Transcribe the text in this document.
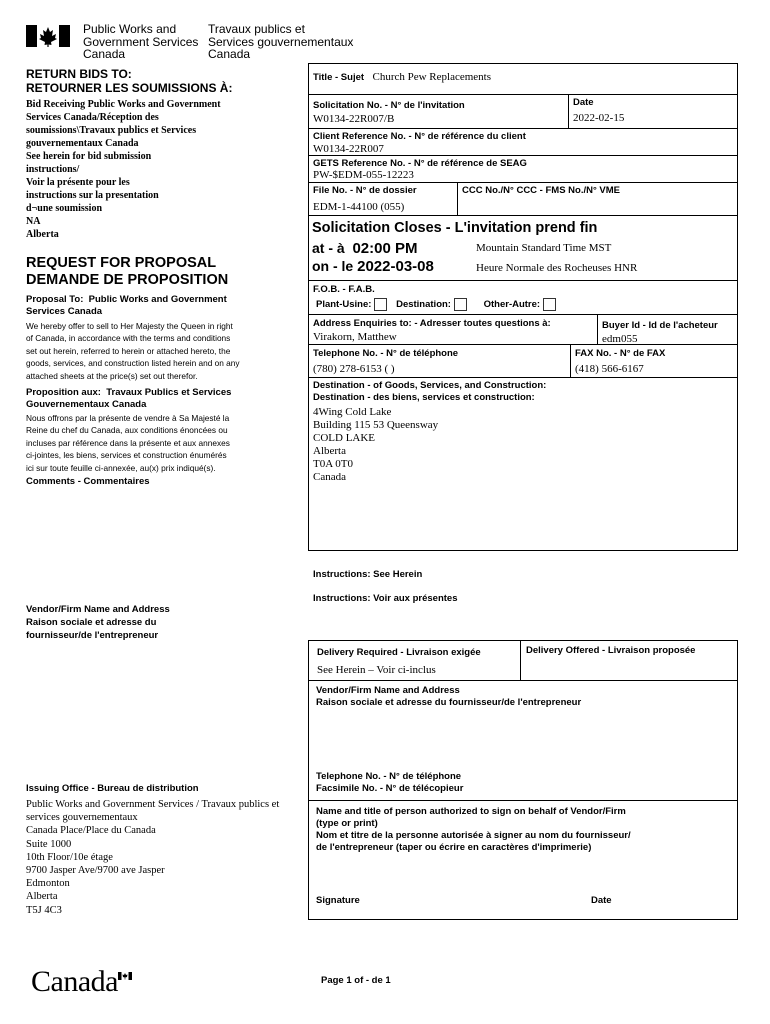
Public Works and
Government Services
Canada
Travaux publics et
Services gouvernementaux
Canada
RETURN BIDS TO:
RETOURNER LES SOUMISSIONS À:
Bid Receiving Public Works and Government
Services Canada/Réception des
soumissions\Travaux publics et Services
gouvernementaux Canada
See herein for bid submission
instructions/
Voir la présente pour les
instructions sur la presentation
d¬une soumission
NA
Alberta
REQUEST FOR PROPOSAL
DEMANDE DE PROPOSITION
Proposal To: Public Works and Government
Services Canada
We hereby offer to sell to Her Majesty the Queen in right
of Canada, in accordance with the terms and conditions
set out herein, referred to herein or attached hereto, the
goods, services, and construction listed herein and on any
attached sheets at the price(s) set out therefor.
Proposition aux: Travaux Publics et Services
Gouvernementaux Canada
Nous offrons par la présente de vendre à Sa Majesté la
Reine du chef du Canada, aux conditions énoncées ou
incluses par référence dans la présente et aux annexes
ci-jointes, les biens, services et construction énumérés
ici sur toute feuille ci-annexée, au(x) prix indiqué(s).
Comments - Commentaires
Vendor/Firm Name and Address
Raison sociale et adresse du
fournisseur/de l'entrepreneur
Issuing Office - Bureau de distribution
Public Works and Government Services / Travaux publics et
services gouvernementaux
Canada Place/Place du Canada
Suite 1000
10th Floor/10e étage
9700 Jasper Ave/9700 ave Jasper
Edmonton
Alberta
T5J 4C3
Title - Sujet Church Pew Replacements
Solicitation No. - N° de l'invitation
W0134-22R007/B
Date
2022-02-15
Client Reference No. - N° de référence du client
W0134-22R007
GETS Reference No. - N° de référence de SEAG
PW-$EDM-055-12223
File No. - N° de dossier
EDM-1-44100 (055)
CCC No./N° CCC - FMS No./N° VME
Solicitation Closes - L'invitation prend fin
at - à 02:00 PM
on - le 2022-03-08
Mountain Standard Time MST
Heure Normale des Rocheuses HNR
F.O.B. - F.A.B.
Plant-Usine:	Destination:	Other-Autre:
Address Enquiries to: - Adresser toutes questions à:
Virakorn, Matthew
Buyer Id - Id de l'acheteur
edm055
Telephone No. - N° de téléphone
(780) 278-6153 ( )
FAX No. - N° de FAX
(418) 566-6167
Destination - of Goods, Services, and Construction:
Destination - des biens, services et construction:
4Wing Cold Lake
Building 115 53 Queensway
COLD LAKE
Alberta
T0A 0T0
Canada
Instructions: See Herein
Instructions: Voir aux présentes
Delivery Required - Livraison exigée
See Herein – Voir ci-inclus
Delivery Offered - Livraison proposée
Vendor/Firm Name and Address
Raison sociale et adresse du fournisseur/de l'entrepreneur
Telephone No. - N° de téléphone
Facsimile No. - N° de télécopieur
Name and title of person authorized to sign on behalf of Vendor/Firm
(type or print)
Nom et titre de la personne autorisée à signer au nom du fournisseur/
de l'entrepreneur (taper ou écrire en caractères d'imprimerie)
Signature	Date
Canada	Page 1 of - de 1
